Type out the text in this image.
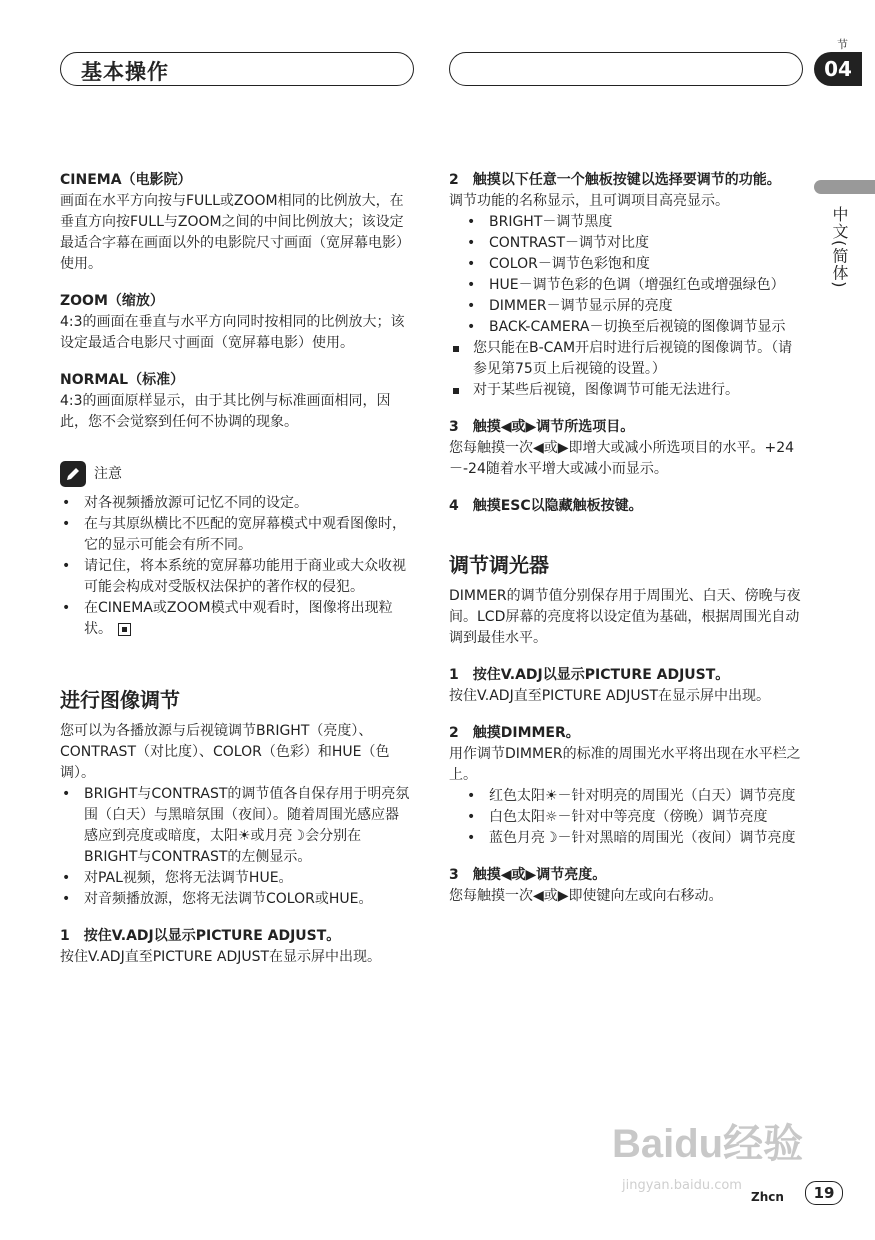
基本操作
节
04
中文(简体)

CINEMA（电影院）

画面在水平方向按与FULL或ZOOM相同的比例放大，在垂直方向按FULL与ZOOM之间的中间比例放大；该设定最适合字幕在画面以外的电影院尺寸画面（宽屏幕电影）使用。

ZOOM（缩放）

4:3的画面在垂直与水平方向同时按相同的比例放大；该设定最适合电影尺寸画面（宽屏幕电影）使用。

NORMAL（标准）

4:3的画面原样显示，由于其比例与标准画面相同，因此，您不会觉察到任何不协调的现象。

注意
• 对各视频播放源可记忆不同的设定。
• 在与其原纵横比不匹配的宽屏幕模式中观看图像时，它的显示可能会有所不同。
• 请记住，将本系统的宽屏幕功能用于商业或大众收视可能会构成对受版权法保护的著作权的侵犯。
• 在CINEMA或ZOOM模式中观看时，图像将出现粒状。

进行图像调节

您可以为各播放源与后视镜调节BRIGHT（亮度）、CONTRAST（对比度）、COLOR（色彩）和HUE（色调）。

• BRIGHT与CONTRAST的调节值各自保存用于明亮氛围（白天）与黑暗氛围（夜间）。随着周围光感应器感应到亮度或暗度，太阳☀或月亮☽会分别在BRIGHT与CONTRAST的左侧显示。
• 对PAL视频，您将无法调节HUE。
• 对音频播放源，您将无法调节COLOR或HUE。

1　按住V.ADJ以显示PICTURE ADJUST。

按住V.ADJ直至PICTURE ADJUST在显示屏中出现。

2　触摸以下任意一个触板按键以选择要调节的功能。

调节功能的名称显示，且可调项目高亮显示。

• BRIGHT－调节黑度
• CONTRAST－调节对比度
• COLOR－调节色彩饱和度
• HUE－调节色彩的色调（增强红色或增强绿色）
• DIMMER－调节显示屏的亮度
• BACK-CAMERA－切换至后视镜的图像调节显示
您只能在B-CAM开启时进行后视镜的图像调节。（请参见第75页上后视镜的设置。）
对于某些后视镜，图像调节可能无法进行。

3　触摸◀或▶调节所选项目。

您每触摸一次◀或▶即增大或减小所选项目的水平。+24－-24随着水平增大或减小而显示。

4　触摸ESC以隐藏触板按键。

调节调光器

DIMMER的调节值分别保存用于周围光、白天、傍晚与夜间。LCD屏幕的亮度将以设定值为基础，根据周围光自动调到最佳水平。

1　按住V.ADJ以显示PICTURE ADJUST。

按住V.ADJ直至PICTURE ADJUST在显示屏中出现。

2　触摸DIMMER。

用作调节DIMMER的标准的周围光水平将出现在水平栏之上。

• 红色太阳☀－针对明亮的周围光（白天）调节亮度
• 白色太阳☼－针对中等亮度（傍晚）调节亮度
• 蓝色月亮☽－针对黑暗的周围光（夜间）调节亮度

3　触摸◀或▶调节亮度。

您每触摸一次◀或▶即使键向左或向右移动。

Baidu经验
jingyan.baidu.com
Zhcn	19
